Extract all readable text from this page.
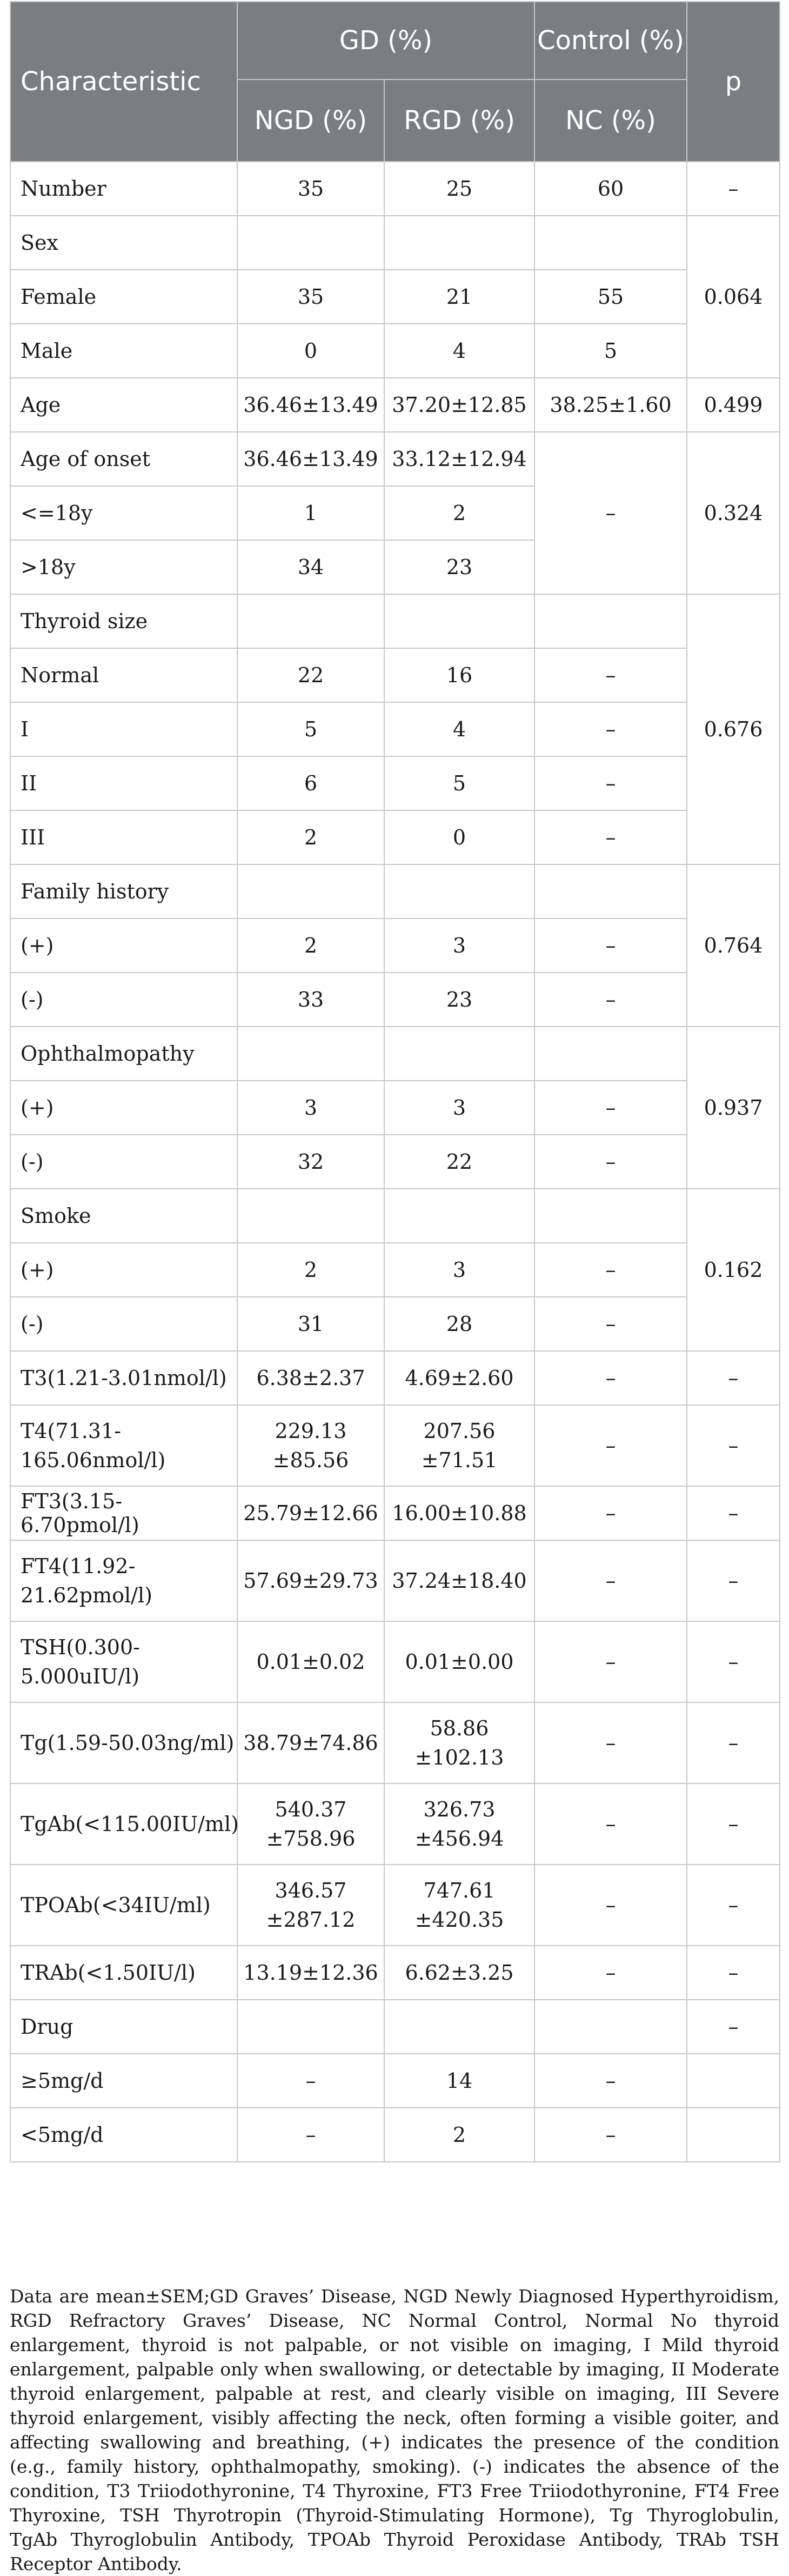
Characteristic	GD (%)		Control (%)	p
	NGD (%)	RGD (%)	NC (%)	
Number	35	25	60	–
Sex				0.064
Female	35	21	55	
Male	0	4	5	
Age	36.46±13.49	37.20±12.85	38.25±1.60	0.499
Age of onset	36.46±13.49	33.12±12.94	–	0.324
<=18y	1	2		
>18y	34	23		
Thyroid size				0.676
Normal	22	16	–	
I	5	4	–	
II	6	5	–	
III	2	0	–	
Family history				0.764
(+)	2	3	–	
(-)	33	23	–	
Ophthalmopathy				0.937
(+)	3	3	–	
(-)	32	22	–	
Smoke				0.162
(+)	2	3	–	
(-)	31	28	–	
T3(1.21-3.01nmol/l)	6.38±2.37	4.69±2.60	–	–
T4(71.31-165.06nmol/l)	229.13 ±85.56	207.56 ±71.51	–	–
FT3(3.15-6.70pmol/l)	25.79±12.66	16.00±10.88	–	–
FT4(11.92-21.62pmol/l)	57.69±29.73	37.24±18.40	–	–
TSH(0.300-5.000uIU/l)	0.01±0.02	0.01±0.00	–	–
Tg(1.59-50.03ng/ml)	38.79±74.86	58.86 ±102.13	–	–
TgAb(<115.00IU/ml)	540.37 ±758.96	326.73 ±456.94	–	–
TPOAb(<34IU/ml)	346.57 ±287.12	747.61 ±420.35	–	–
TRAb(<1.50IU/l)	13.19±12.36	6.62±3.25	–	–
Drug				–
≥5mg/d	–	14	–	
<5mg/d	–	2	–	

Data are mean±SEM;GD Graves’ Disease, NGD Newly Diagnosed Hyperthyroidism, RGD Refractory Graves’ Disease, NC Normal Control, Normal No thyroid enlargement, thyroid is not palpable, or not visible on imaging, I Mild thyroid enlargement, palpable only when swallowing, or detectable by imaging, II Moderate thyroid enlargement, palpable at rest, and clearly visible on imaging, III Severe thyroid enlargement, visibly affecting the neck, often forming a visible goiter, and affecting swallowing and breathing, (+) indicates the presence of the condition (e.g., family history, ophthalmopathy, smoking). (-) indicates the absence of the condition, T3 Triiodothyronine, T4 Thyroxine, FT3 Free Triiodothyronine, FT4 Free Thyroxine, TSH Thyrotropin (Thyroid-Stimulating Hormone), Tg Thyroglobulin, TgAb Thyroglobulin Antibody, TPOAb Thyroid Peroxidase Antibody, TRAb TSH Receptor Antibody.
